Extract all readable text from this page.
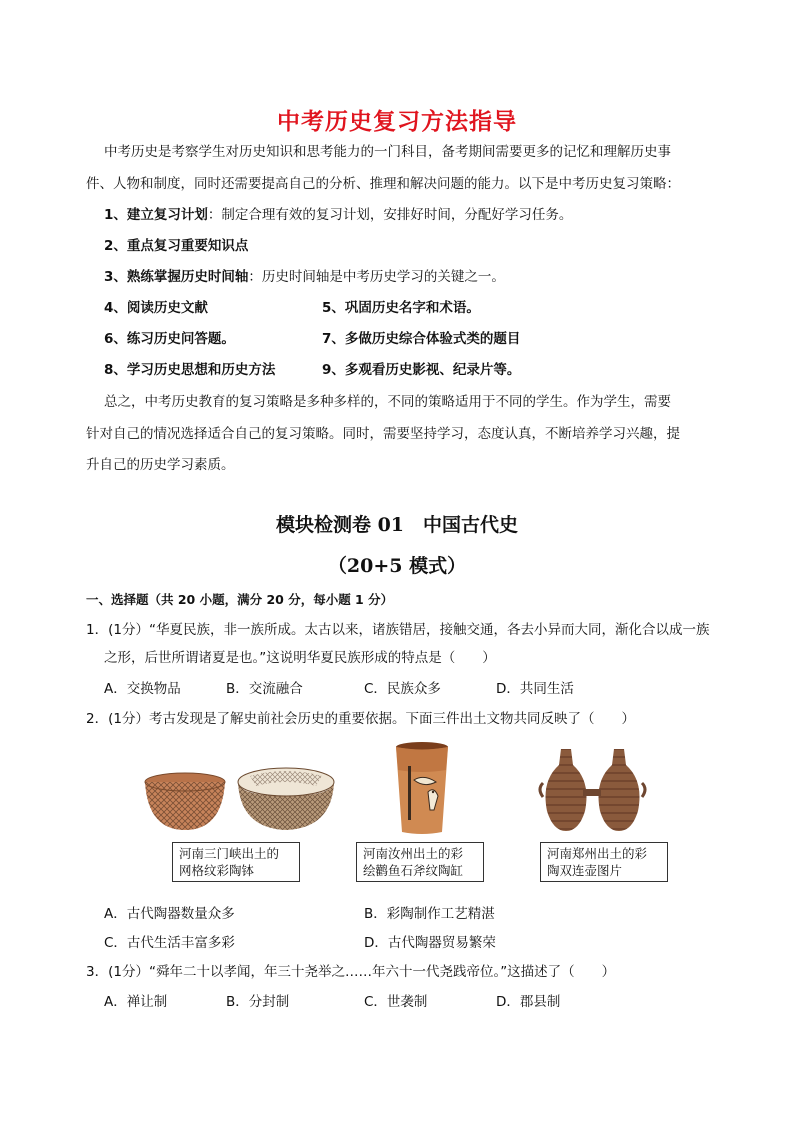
中考历史复习方法指导
中考历史是考察学生对历史知识和思考能力的一门科目，备考期间需要更多的记忆和理解历史事
件、人物和制度，同时还需要提高自己的分析、推理和解决问题的能力。以下是中考历史复习策略：
1、建立复习计划：制定合理有效的复习计划，安排好时间，分配好学习任务。
2、重点复习重要知识点
3、熟练掌握历史时间轴：历史时间轴是中考历史学习的关键之一。
4、阅读历史文献	5、巩固历史名字和术语。
6、练习历史问答题。	7、多做历史综合体验式类的题目
8、学习历史思想和历史方法	9、多观看历史影视、纪录片等。
总之，中考历史教育的复习策略是多种多样的，不同的策略适用于不同的学生。作为学生，需要
针对自己的情况选择适合自己的复习策略。同时，需要坚持学习，态度认真，不断培养学习兴趣，提
升自己的历史学习素质。
模块检测卷 01　中国古代史
（20+5 模式）
一、选择题（共 20 小题，满分 20 分，每小题 1 分）
1．(1分）“华夏民族，非一族所成。太古以来，诸族错居，接触交通，各去小异而大同，渐化合以成一族
之形，后世所谓诸夏是也。”这说明华夏民族形成的特点是（　　）
A．交换物品	B．交流融合	C．民族众多	D．共同生活
2．(1分）考古发现是了解史前社会历史的重要依据。下面三件出土文物共同反映了（　　）
河南三门峡出土的
网格纹彩陶钵
河南汝州出土的彩
绘鹳鱼石斧纹陶缸
河南郑州出土的彩
陶双连壶图片
A．古代陶器数量众多	B．彩陶制作工艺精湛
C．古代生活丰富多彩	D．古代陶器贸易繁荣
3．(1分）“舜年二十以孝闻，年三十尧举之……年六十一代尧践帝位。”这描述了（　　）
A．禅让制	B．分封制	C．世袭制	D．郡县制
